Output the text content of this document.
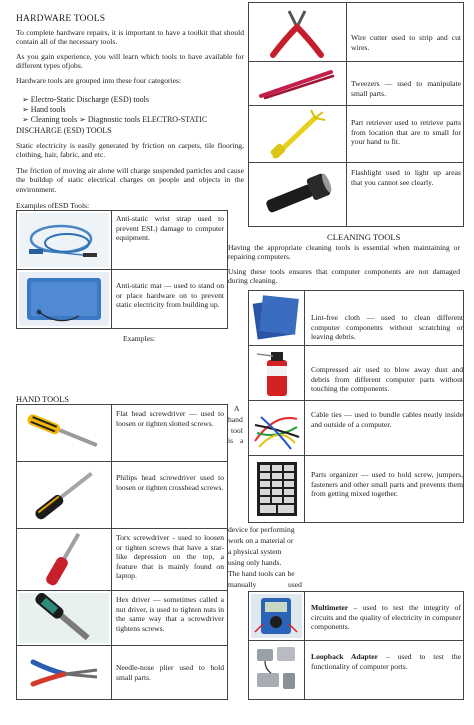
HARDWARE TOOLS
To complete hardware repairs, it is important to have a toolkit that should contain all of the necessary tools.
As you gain experience, you will learn which tools to have available for different types ofjobs.
Hardware tools are grouped into these four categories:
➢ Electro-Static Discharge (ESD) tools
➢ Hand tools
➢ Cleaning tools ➢ Diagnostic tools ELECTRO-STATIC
DISCHARGE (ESD) TOOLS
Static electricity is easily generated by friction on carpets, tile flooring, clothing, hair, fabric, and etc.
The friction of moving air alone will charge suspended particles and cause the buildup of static electrical charges on people and objects in the environment.
Examples ofESD Tools:
Anti-static wrist strap used to prevent ESL) damage to computer equipment.
Anti-static mat — used to stand on or place hardware on to prevent static electricity from building up.
Examples:
HAND TOOLS
Flat head screwdriver — used to loosen or tighten slotted screws.
Philips head screwdriver used to loosen or tighten crosshead screws.
Torx screwdriver - used to loosen or tighten screws that have a star-like depression on the top, a feature that is mainly found on laptop.
Hex driver — sometimes called a nut driver, is used to tighten nuts in the same way that a screwdriver tightens screws.
Needle-nose plier used to hold small parts.
A
hand
tool
is a
Wire cutter used to strip and cut wires.
Tweezers — used to manipulate small parts.
Part retriever used to retrieve parts from location that are to small for your hand to fit.
Flashlight used to light up areas that you cannot see clearly.
CLEANING TOOLS
Having the appropriate cleaning tools is essential when maintaining or repairing computers.
Using these tools ensures that computer components are not damaged during cleaning.
Lint-free cloth — used to clean different computer components without scratching or leaving debris.
Compressed air used to blow away dust and debris from different computer parts without touching the components.
Cable ties — used to bundle cables neatly inside and outside of a computer.
Parts organizer — used to hold screw, jumpers, fasteners and other small parts and prevents them from getting mixed together.
device for performing
work on a material or
a physical system
using only hands.
The hand tools can be
manually	used
Multimeter – used to test the integrity of circuits and the quality of electricity in computer components.
Loopback Adapter – used to test the functionality of computer ports.
